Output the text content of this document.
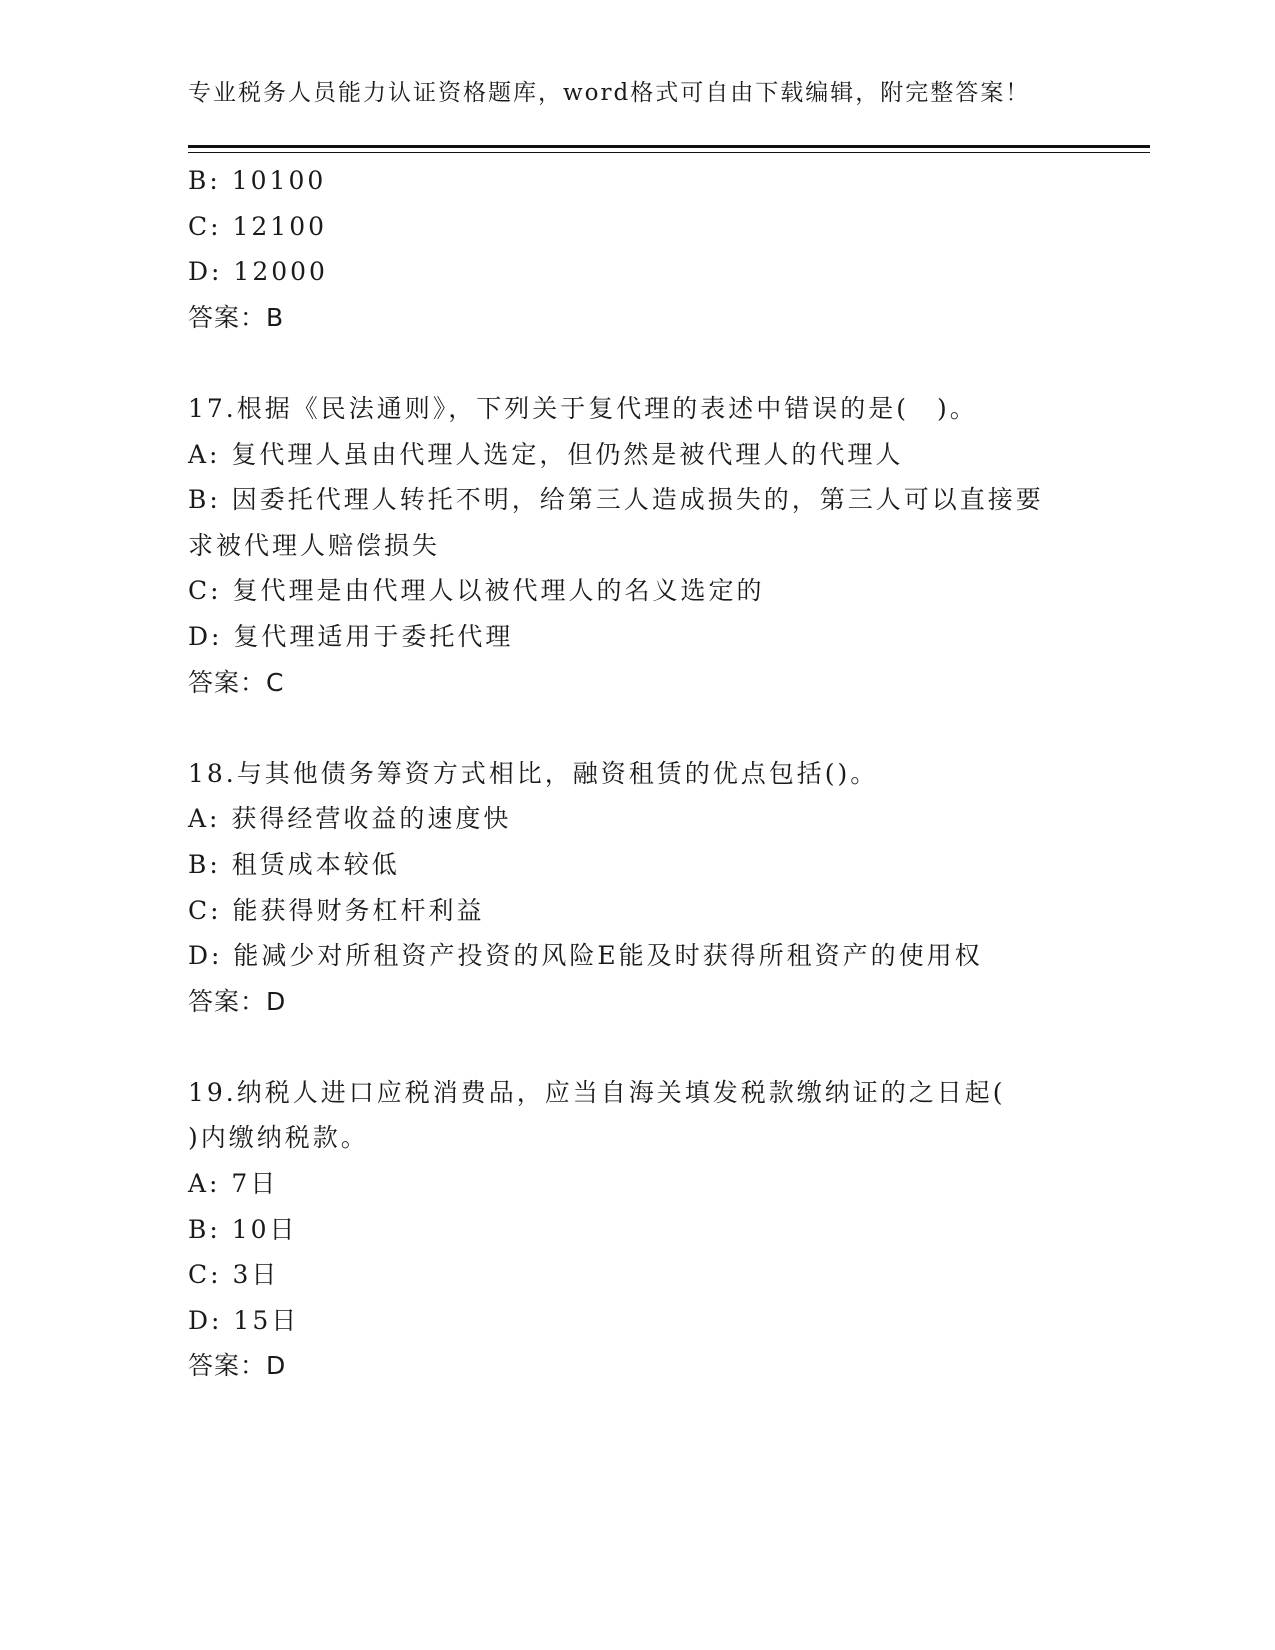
专业税务人员能力认证资格题库，word格式可自由下载编辑，附完整答案！
B: 10100
C: 12100
D: 12000
答案：B
17.根据《民法通则》，下列关于复代理的表述中错误的是(　)。
A: 复代理人虽由代理人选定，但仍然是被代理人的代理人
B: 因委托代理人转托不明，给第三人造成损失的，第三人可以直接要
求被代理人赔偿损失
C: 复代理是由代理人以被代理人的名义选定的
D: 复代理适用于委托代理
答案：C
18.与其他债务筹资方式相比，融资租赁的优点包括()。
A: 获得经营收益的速度快
B: 租赁成本较低
C: 能获得财务杠杆利益
D: 能减少对所租资产投资的风险E能及时获得所租资产的使用权
答案：D
19.纳税人进口应税消费品，应当自海关填发税款缴纳证的之日起(
)内缴纳税款。
A: 7日
B: 10日
C: 3日
D: 15日
答案：D
